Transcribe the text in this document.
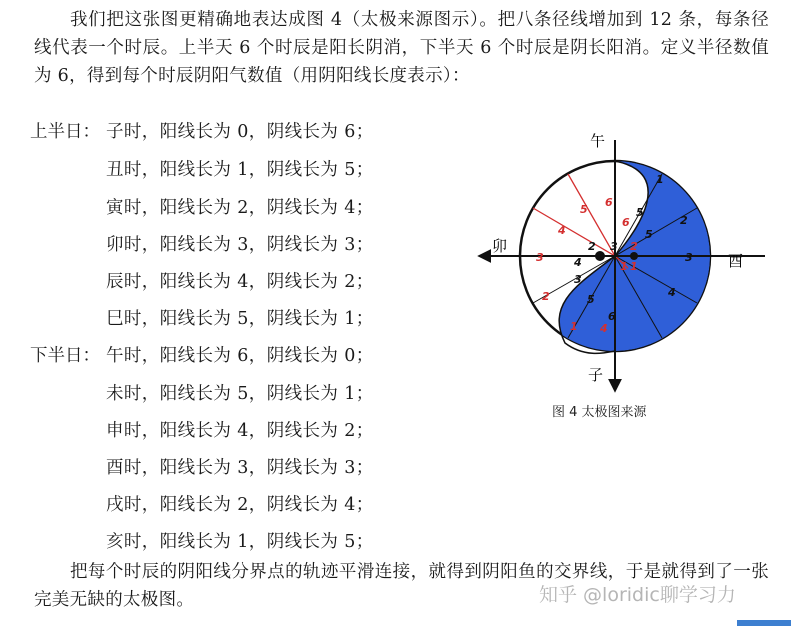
我们把这张图更精确地表达成图 4（太极来源图示）。把八条径线增加到 12 条，每条径线代表一个时辰。上半天 6 个时辰是阳长阴消，下半天 6 个时辰是阴长阳消。定义半径数值为 6，得到每个时辰阴阳气数值（用阴阳线长度表示）：

上半日： 子时，阳线长为 0，阴线长为 6；
丑时，阳线长为 1，阴线长为 5；
寅时，阳线长为 2，阴线长为 4；
卯时，阳线长为 3，阴线长为 3；
辰时，阳线长为 4，阴线长为 2；
巳时，阳线长为 5，阴线长为 1；
下半日： 午时，阳线长为 6，阴线长为 0；
未时，阳线长为 5，阴线长为 1；
申时，阳线长为 4，阴线长为 2；
酉时，阳线长为 3，阴线长为 3；
戌时，阳线长为 2，阴线长为 4；
亥时，阳线长为 1，阴线长为 5；
午
子
卯
酉
6
5
4
3
2
1 1
2
3
4
5
6
1
2
3
4
5
6
5
4
3 2
1
图 4 太极图来源

把每个时辰的阴阳线分界点的轨迹平滑连接，就得到阴阳鱼的交界线，于是就得到了一张完美无缺的太极图。	知乎 @loridic聊学习力
